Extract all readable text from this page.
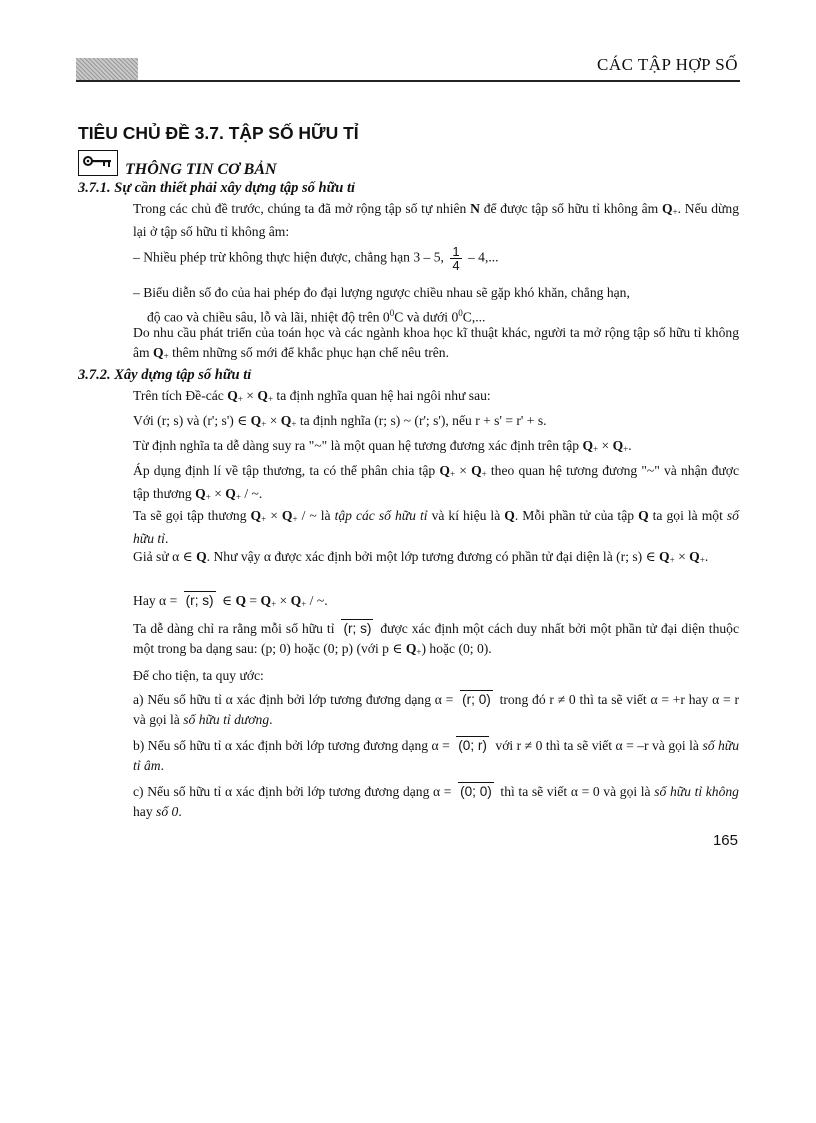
CÁC TẬP HỢP SỐ
TIÊU CHỦ ĐỀ 3.7. TẬP SỐ HỮU TỈ
THÔNG TIN CƠ BẢN
3.7.1. Sự cần thiết phải xây dựng tập số hữu tỉ
Trong các chủ đề trước, chúng ta đã mở rộng tập số tự nhiên N để được tập số hữu tỉ không âm $Q_+$. Nếu dừng lại ở tập số hữu tỉ không âm:
– Nhiều phép trừ không thực hiện được, chẳng hạn 3 – 5, $\frac{1}{4} - 4$,...
– Biểu diễn số đo của hai phép đo đại lượng ngược chiều nhau sẽ gặp khó khăn, chẳng hạn,
độ cao và chiều sâu, lỗ và lãi, nhiệt độ trên $0^0C$ và dưới $0^0C$,...
Do nhu cầu phát triển của toán học và các ngành khoa học kĩ thuật khác, người ta mở rộng tập số hữu tỉ không âm $Q_+$ thêm những số mới để khắc phục hạn chế nêu trên.
3.7.2. Xây dựng tập số hữu tỉ
Trên tích Đề-các $Q_+ \times Q_+$ ta định nghĩa quan hệ hai ngôi như sau:
Với (r; s) và (r'; s') ∈ $Q_+ \times Q_+$ ta định nghĩa (r; s) ~ (r'; s'), nếu r + s' = r' + s.
Từ định nghĩa ta dễ dàng suy ra "~" là một quan hệ tương đương xác định trên tập $Q_+ \times Q_+$.
Áp dụng định lí về tập thương, ta có thể phân chia tập $Q_+ \times Q_+$ theo quan hệ tương đương "~" và nhận được tập thương $Q_+ \times Q_+$ / ~.
Ta sẽ gọi tập thương $Q_+ \times Q_+$ / ~ là tập các số hữu tỉ và kí hiệu là Q. Mỗi phần tử của tập Q ta gọi là một số hữu tỉ.
Giả sử α ∈ Q. Như vậy α được xác định bởi một lớp tương đương có phần tử đại diện là (r; s) ∈ $Q_+ \times Q_+$.
Hay α = (r; s) ∈ $Q = Q_+ \times Q_+$ / ~.
Ta dễ dàng chỉ ra rằng mỗi số hữu tỉ (r; s) được xác định một cách duy nhất bởi một phần tử đại diện thuộc một trong ba dạng sau: (p; 0) hoặc (0; p) (với p ∈ $Q_+$) hoặc (0; 0).
Để cho tiện, ta quy ước:
a) Nếu số hữu tỉ α xác định bởi lớp tương đương dạng α = (r; 0) trong đó r ≠ 0 thì ta sẽ viết α = +r hay α = r và gọi là số hữu tỉ dương.
b) Nếu số hữu tỉ α xác định bởi lớp tương đương dạng α = (0; r) với r ≠ 0 thì ta sẽ viết α = –r và gọi là số hữu tỉ âm.
c) Nếu số hữu tỉ α xác định bởi lớp tương đương dạng α = (0; 0) thì ta sẽ viết α = 0 và gọi là số hữu tỉ không hay số 0.
165
